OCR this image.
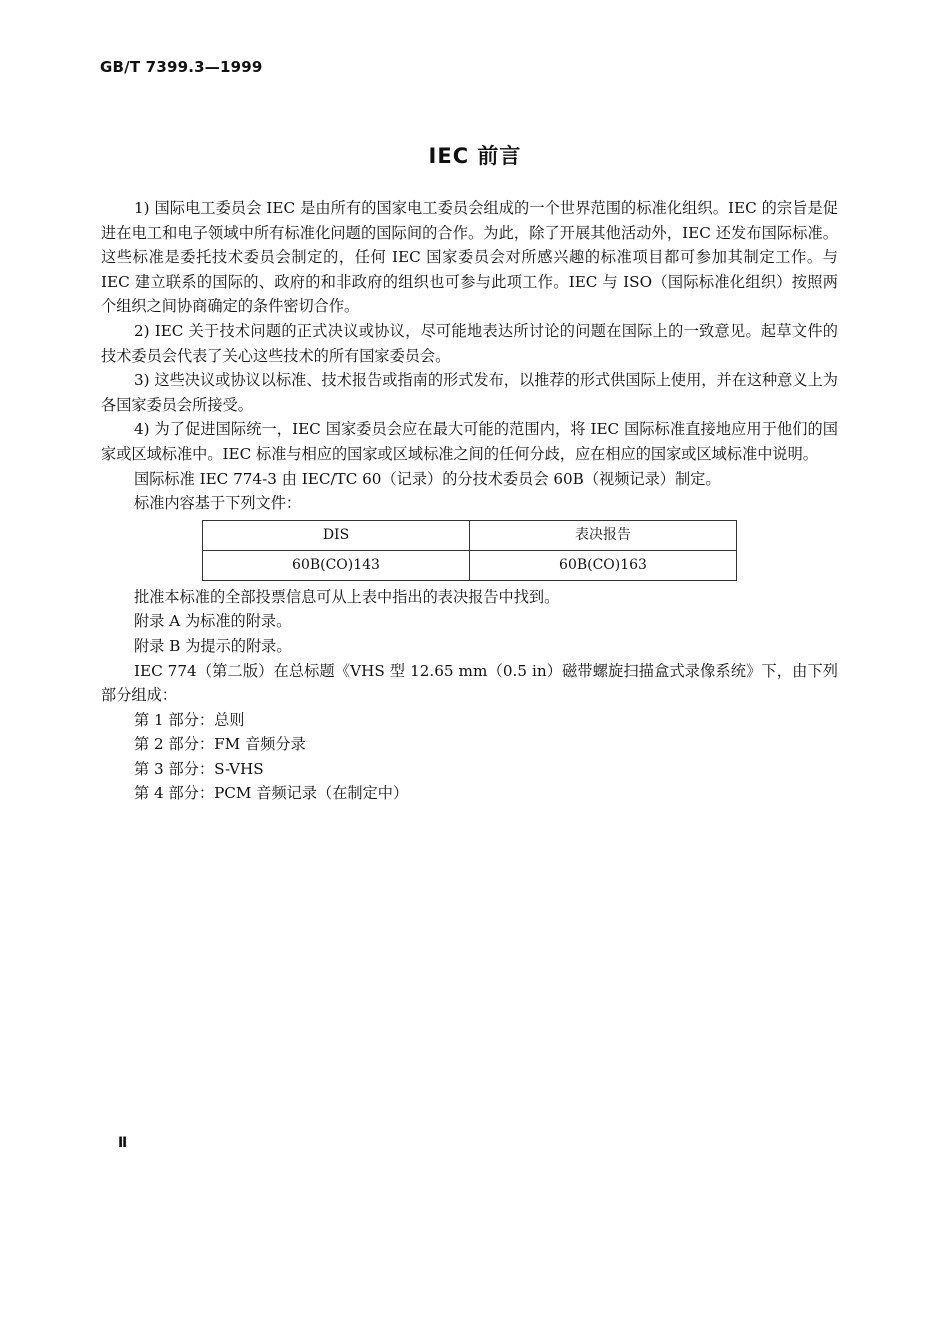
GB/T 7399.3—1999
IEC 前言

1) 国际电工委员会 IEC 是由所有的国家电工委员会组成的一个世界范围的标准化组织。IEC 的宗旨是促进在电工和电子领域中所有标准化问题的国际间的合作。为此，除了开展其他活动外，IEC 还发布国际标准。这些标准是委托技术委员会制定的，任何 IEC 国家委员会对所感兴趣的标准项目都可参加其制定工作。与 IEC 建立联系的国际的、政府的和非政府的组织也可参与此项工作。IEC 与 ISO（国际标准化组织）按照两个组织之间协商确定的条件密切合作。

2) IEC 关于技术问题的正式决议或协议，尽可能地表达所讨论的问题在国际上的一致意见。起草文件的技术委员会代表了关心这些技术的所有国家委员会。

3) 这些决议或协议以标准、技术报告或指南的形式发布，以推荐的形式供国际上使用，并在这种意义上为各国家委员会所接受。

4) 为了促进国际统一，IEC 国家委员会应在最大可能的范围内，将 IEC 国际标准直接地应用于他们的国家或区域标准中。IEC 标准与相应的国家或区域标准之间的任何分歧，应在相应的国家或区域标准中说明。

国际标准 IEC 774-3 由 IEC/TC 60（记录）的分技术委员会 60B（视频记录）制定。

标准内容基于下列文件：

DIS	表决报告
60B(CO)143	60B(CO)163

批准本标准的全部投票信息可从上表中指出的表决报告中找到。

附录 A 为标准的附录。

附录 B 为提示的附录。

IEC 774（第二版）在总标题《VHS 型 12.65 mm（0.5 in）磁带螺旋扫描盒式录像系统》下，由下列部分组成：

第 1 部分：总则

第 2 部分：FM 音频分录

第 3 部分：S-VHS

第 4 部分：PCM 音频记录（在制定中）

Ⅱ
